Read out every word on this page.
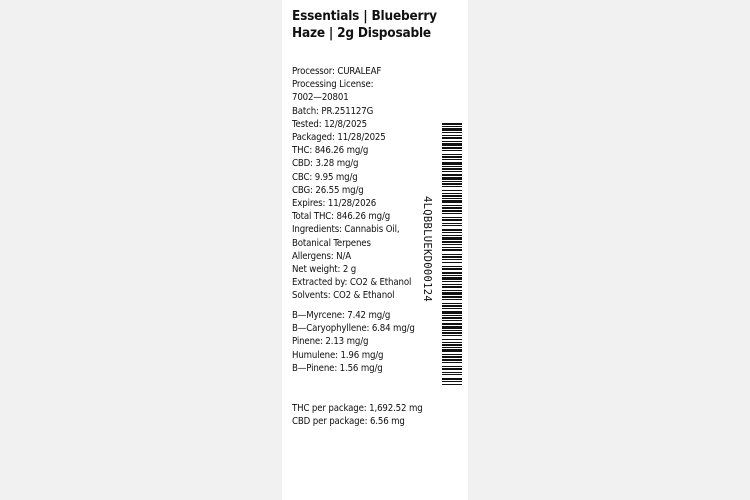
Essentials | Blueberry
Haze | 2g Disposable
Processor: CURALEAF
Processing License:
7002—20801
Batch: PR.251127G
Tested: 12/8/2025
Packaged: 11/28/2025
THC: 846.26 mg/g
CBD: 3.28 mg/g
CBC: 9.95 mg/g
CBG: 26.55 mg/g
Expires: 11/28/2026
Total THC: 846.26 mg/g
Ingredients: Cannabis Oil,
Botanical Terpenes
Allergens: N/A
Net weight: 2 g
Extracted by: CO2 & Ethanol
Solvents: CO2 & Ethanol
B—Myrcene: 7.42 mg/g
B—Caryophyllene: 6.84 mg/g
Pinene: 2.13 mg/g
Humulene: 1.96 mg/g
B—Pinene: 1.56 mg/g
THC per package: 1,692.52 mg
CBD per package: 6.56 mg
4LQBBLUEKD000124
